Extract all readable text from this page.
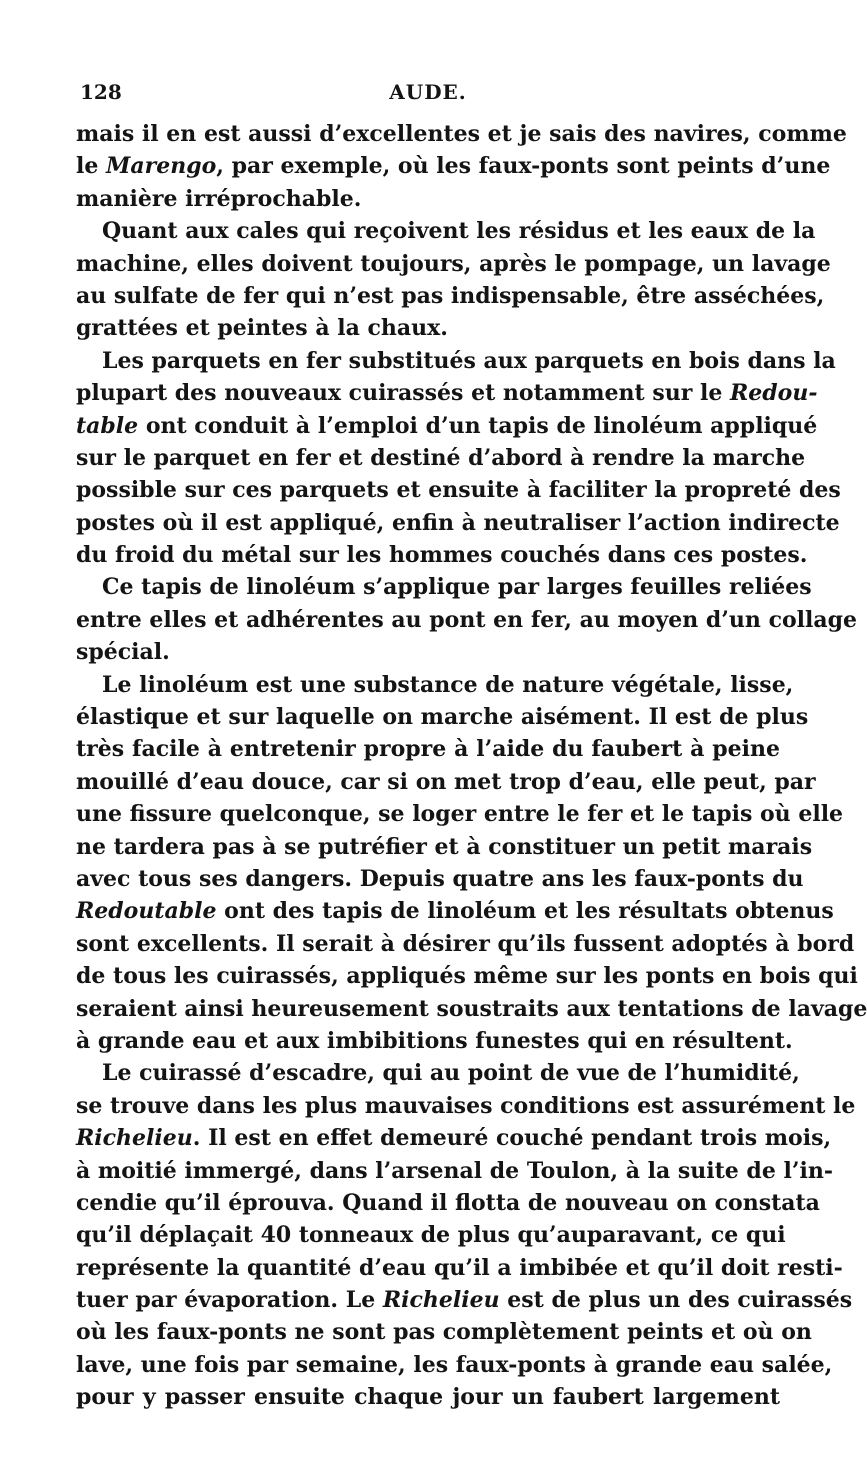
128	AUDE.
mais il en est aussi d’excellentes et je sais des navires, comme
le Marengo, par exemple, où les faux-ponts sont peints d’une
manière irréprochable.
Quant aux cales qui reçoivent les résidus et les eaux de la
machine, elles doivent toujours, après le pompage, un lavage
au sulfate de fer qui n’est pas indispensable, être asséchées,
grattées et peintes à la chaux.
Les parquets en fer substitués aux parquets en bois dans la
plupart des nouveaux cuirassés et notamment sur le Redou-
table ont conduit à l’emploi d’un tapis de linoléum appliqué
sur le parquet en fer et destiné d’abord à rendre la marche
possible sur ces parquets et ensuite à faciliter la propreté des
postes où il est appliqué, enfin à neutraliser l’action indirecte
du froid du métal sur les hommes couchés dans ces postes.
Ce tapis de linoléum s’applique par larges feuilles reliées
entre elles et adhérentes au pont en fer, au moyen d’un collage
spécial.
Le linoléum est une substance de nature végétale, lisse,
élastique et sur laquelle on marche aisément. Il est de plus
très facile à entretenir propre à l’aide du faubert à peine
mouillé d’eau douce, car si on met trop d’eau, elle peut, par
une fissure quelconque, se loger entre le fer et le tapis où elle
ne tardera pas à se putréfier et à constituer un petit marais
avec tous ses dangers. Depuis quatre ans les faux-ponts du
Redoutable ont des tapis de linoléum et les résultats obtenus
sont excellents. Il serait à désirer qu’ils fussent adoptés à bord
de tous les cuirassés, appliqués même sur les ponts en bois qui
seraient ainsi heureusement soustraits aux tentations de lavage
à grande eau et aux imbibitions funestes qui en résultent.
Le cuirassé d’escadre, qui au point de vue de l’humidité,
se trouve dans les plus mauvaises conditions est assurément le
Richelieu. Il est en effet demeuré couché pendant trois mois,
à moitié immergé, dans l’arsenal de Toulon, à la suite de l’in-
cendie qu’il éprouva. Quand il flotta de nouveau on constata
qu’il déplaçait 40 tonneaux de plus qu’auparavant, ce qui
représente la quantité d’eau qu’il a imbibée et qu’il doit resti-
tuer par évaporation. Le Richelieu est de plus un des cuirassés
où les faux-ponts ne sont pas complètement peints et où on
lave, une fois par semaine, les faux-ponts à grande eau salée,
pour y passer ensuite chaque jour un faubert largement
